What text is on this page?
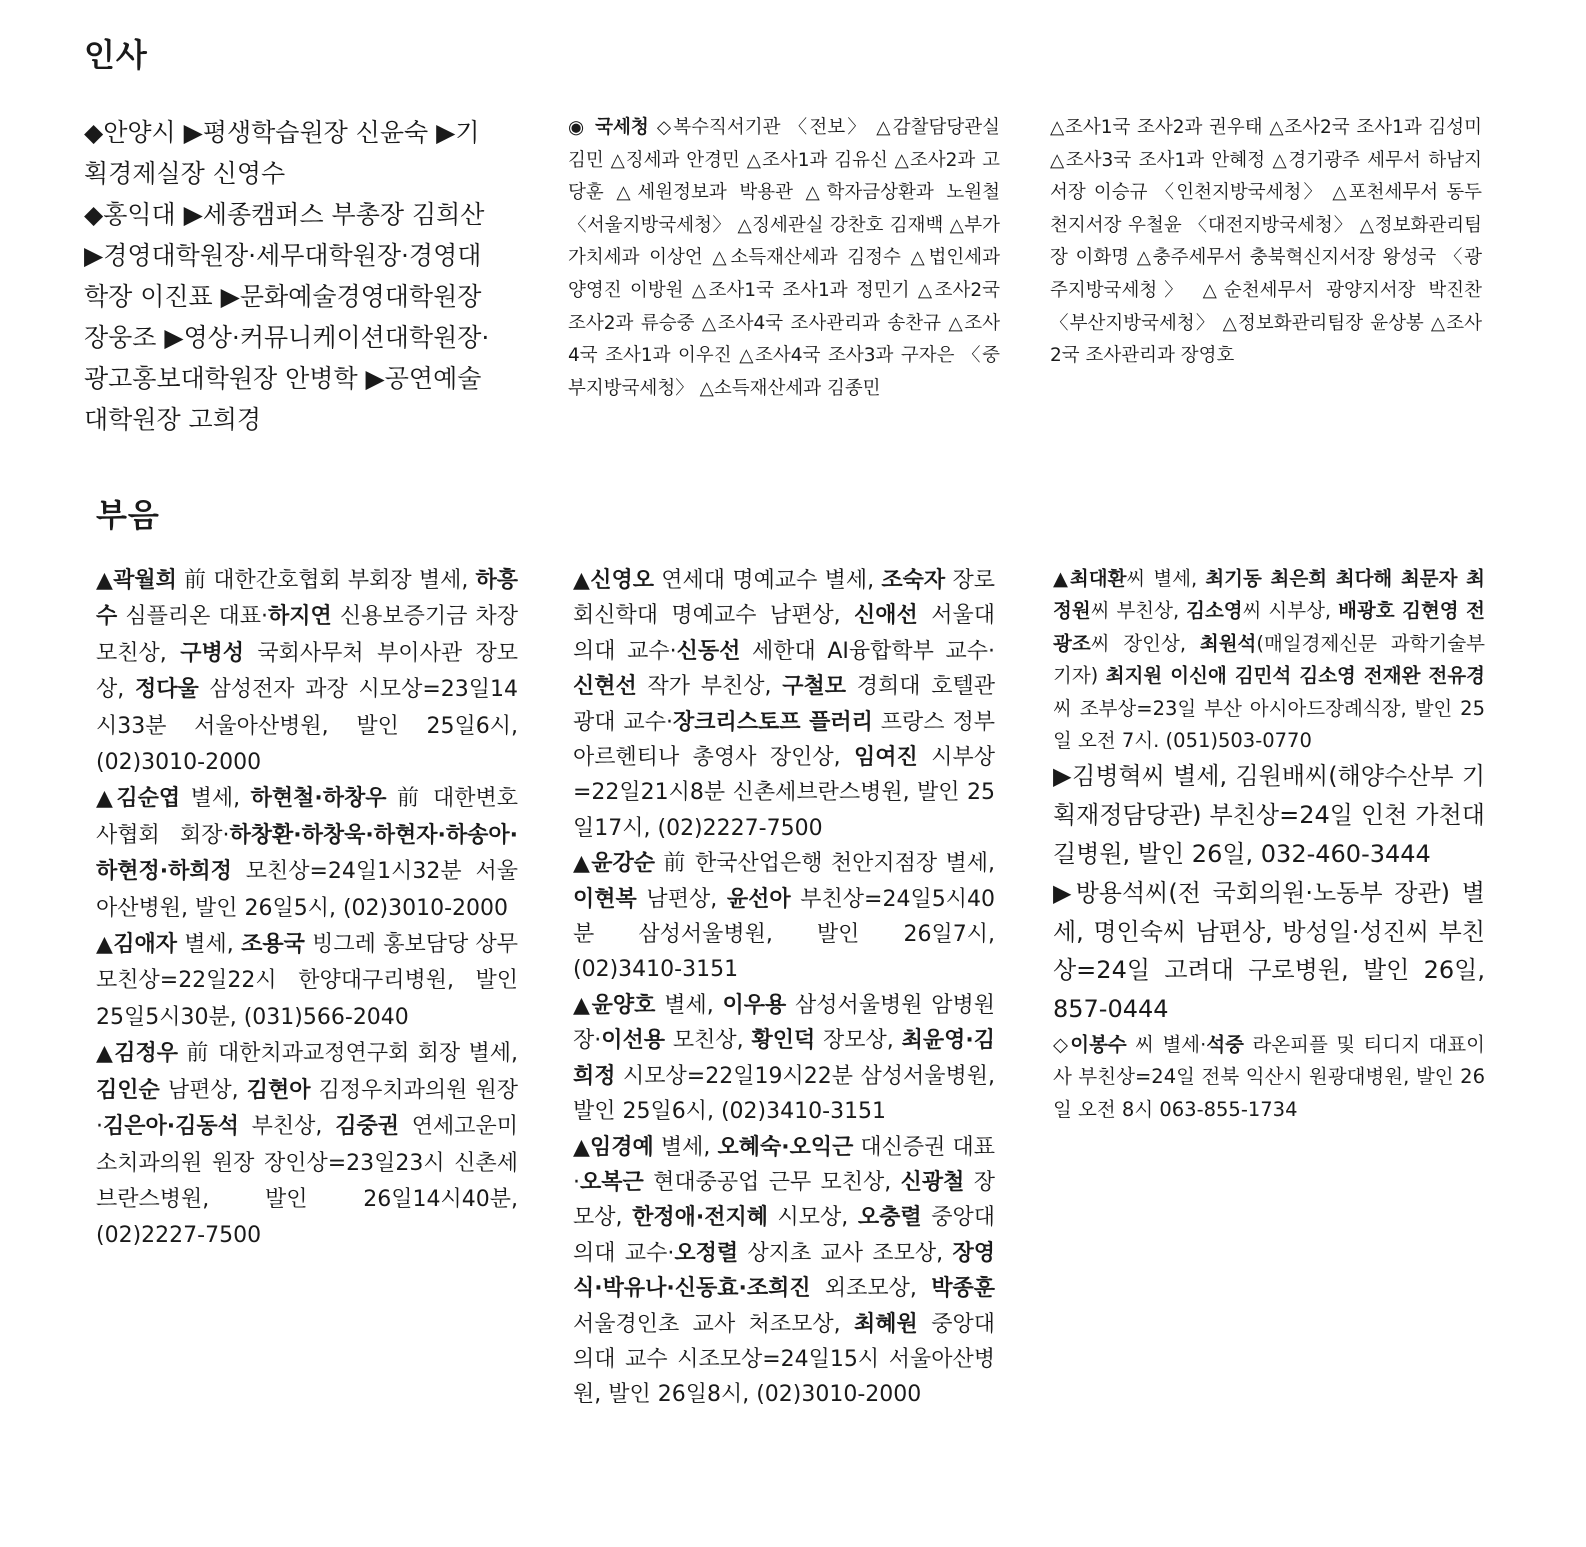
인사

◆안양시 ▶평생학습원장 신윤숙 ▶기획경제실장 신영수

◆홍익대 ▶세종캠퍼스 부총장 김희산 ▶경영대학원장·세무대학원장·경영대학장 이진표 ▶문화예술경영대학원장 장웅조 ▶영상·커뮤니케이션대학원장·광고홍보대학원장 안병학 ▶공연예술대학원장 고희경

◉ 국세청 ◇복수직서기관 〈전보〉 △감찰담당관실 김민 △징세과 안경민 △조사1과 김유신 △조사2과 고당훈 △세원정보과 박용관 △학자금상환과 노원철 〈서울지방국세청〉 △징세관실 강찬호 김재백 △부가가치세과 이상언 △소득재산세과 김정수 △법인세과 양영진 이방원 △조사1국 조사1과 정민기 △조사2국 조사2과 류승중 △조사4국 조사관리과 송찬규 △조사4국 조사1과 이우진 △조사4국 조사3과 구자은 〈중부지방국세청〉 △소득재산세과 김종민

△조사1국 조사2과 권우태 △조사2국 조사1과 김성미 △조사3국 조사1과 안혜정 △경기광주 세무서 하남지서장 이승규 〈인천지방국세청〉 △포천세무서 동두천지서장 우철윤 〈대전지방국세청〉 △정보화관리팀장 이화명 △충주세무서 충북혁신지서장 왕성국 〈광주지방국세청〉 △순천세무서 광양지서장 박진찬 〈부산지방국세청〉 △정보화관리팀장 윤상봉 △조사2국 조사관리과 장영호

부음

▲곽월희 前 대한간호협회 부회장 별세, 하흥수 심플리온 대표·하지연 신용보증기금 차장 모친상, 구병성 국회사무처 부이사관 장모상, 정다울 삼성전자 과장 시모상=23일14시33분 서울아산병원, 발인 25일6시, (02)3010-2000

▲김순엽 별세, 하현철·하창우 前 대한변호사협회 회장·하창환·하창욱·하현자·하송아·하현정·하희정 모친상=24일1시32분 서울아산병원, 발인 26일5시, (02)3010-2000

▲김애자 별세, 조용국 빙그레 홍보담당 상무 모친상=22일22시 한양대구리병원, 발인 25일5시30분, (031)566-2040

▲김정우 前 대한치과교정연구회 회장 별세, 김인순 남편상, 김현아 김정우치과의원 원장·김은아·김동석 부친상, 김중권 연세고운미소치과의원 원장 장인상=23일23시 신촌세브란스병원, 발인 26일14시40분, (02)2227-7500

▲신영오 연세대 명예교수 별세, 조숙자 장로회신학대 명예교수 남편상, 신애선 서울대 의대 교수·신동선 세한대 AI융합학부 교수·신현선 작가 부친상, 구철모 경희대 호텔관광대 교수·장크리스토프 플러리 프랑스 정부 아르헨티나 총영사 장인상, 임여진 시부상=22일21시8분 신촌세브란스병원, 발인 25일17시, (02)2227-7500

▲윤강순 前 한국산업은행 천안지점장 별세, 이현복 남편상, 윤선아 부친상=24일5시40분 삼성서울병원, 발인 26일7시, (02)3410-3151

▲윤양호 별세, 이우용 삼성서울병원 암병원장·이선용 모친상, 황인덕 장모상, 최윤영·김희정 시모상=22일19시22분 삼성서울병원, 발인 25일6시, (02)3410-3151

▲임경예 별세, 오혜숙·오익근 대신증권 대표·오복근 현대중공업 근무 모친상, 신광철 장모상, 한정애·전지혜 시모상, 오충렬 중앙대 의대 교수·오정렬 상지초 교사 조모상, 장영식·박유나·신동효·조희진 외조모상, 박종훈 서울경인초 교사 처조모상, 최혜원 중앙대 의대 교수 시조모상=24일15시 서울아산병원, 발인 26일8시, (02)3010-2000

▲최대환씨 별세, 최기동 최은희 최다해 최문자 최정원씨 부친상, 김소영씨 시부상, 배광호 김현영 전광조씨 장인상, 최원석(매일경제신문 과학기술부 기자) 최지원 이신애 김민석 김소영 전재완 전유경씨 조부상=23일 부산 아시아드장례식장, 발인 25일 오전 7시. (051)503-0770

▶김병혁씨 별세, 김원배씨(해양수산부 기획재정담당관) 부친상=24일 인천 가천대 길병원, 발인 26일, 032-460-3444

▶방용석씨(전 국회의원·노동부 장관) 별세, 명인숙씨 남편상, 방성일·성진씨 부친상=24일 고려대 구로병원, 발인 26일, 857-0444

◇이봉수 씨 별세·석중 라온피플 및 티디지 대표이사 부친상=24일 전북 익산시 원광대병원, 발인 26일 오전 8시 063-855-1734
